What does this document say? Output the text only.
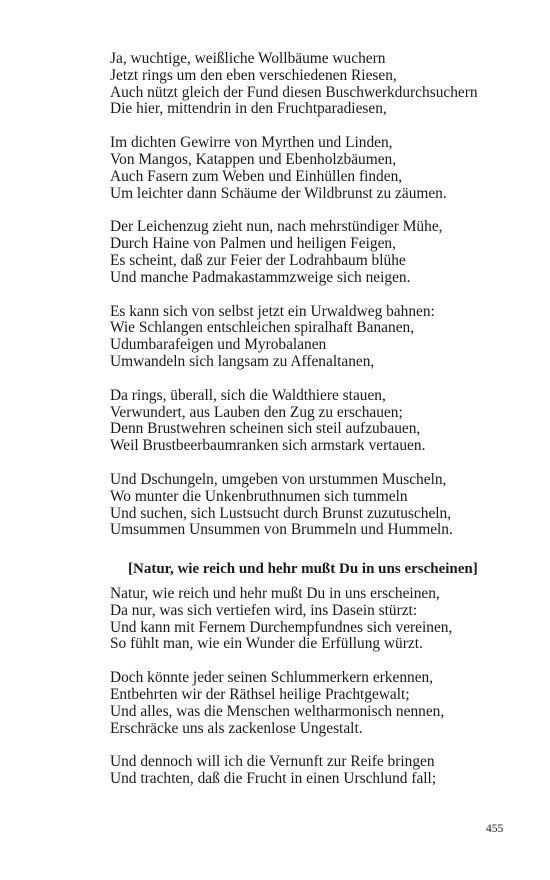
Ja, wuchtige, weißliche Wollbäume wuchern
Jetzt rings um den eben verschiedenen Riesen,
Auch nützt gleich der Fund diesen Buschwerkdurchsuchern
Die hier, mittendrin in den Fruchtparadiesen,
Im dichten Gewirre von Myrthen und Linden,
Von Mangos, Katappen und Ebenholzbäumen,
Auch Fasern zum Weben und Einhüllen finden,
Um leichter dann Schäume der Wildbrunst zu zäumen.
Der Leichenzug zieht nun, nach mehrstündiger Mühe,
Durch Haine von Palmen und heiligen Feigen,
Es scheint, daß zur Feier der Lodrahbaum blühe
Und manche Padmakastammzweige sich neigen.
Es kann sich von selbst jetzt ein Urwaldweg bahnen:
Wie Schlangen entschleichen spiralhaft Bananen,
Udumbarafeigen und Myrobalanen
Umwandeln sich langsam zu Affenaltanen,
Da rings, überall, sich die Waldthiere stauen,
Verwundert, aus Lauben den Zug zu erschauen;
Denn Brustwehren scheinen sich steil aufzubauen,
Weil Brustbeerbaumranken sich armstark vertauen.
Und Dschungeln, umgeben von urstummen Muscheln,
Wo munter die Unkenbruthnumen sich tummeln
Und suchen, sich Lustsucht durch Brunst zuzutuscheln,
Umsummen Unsummen von Brummeln und Hummeln.
[Natur, wie reich und hehr mußt Du in uns erscheinen]
Natur, wie reich und hehr mußt Du in uns erscheinen,
Da nur, was sich vertiefen wird, ins Dasein stürzt:
Und kann mit Fernem Durchempfundnes sich vereinen,
So fühlt man, wie ein Wunder die Erfüllung würzt.
Doch könnte jeder seinen Schlummerkern erkennen,
Entbehrten wir der Räthsel heilige Prachtgewalt;
Und alles, was die Menschen weltharmonisch nennen,
Erschräcke uns als zackenlose Ungestalt.
Und dennoch will ich die Vernunft zur Reife bringen
Und trachten, daß die Frucht in einen Urschlund fall;
455
